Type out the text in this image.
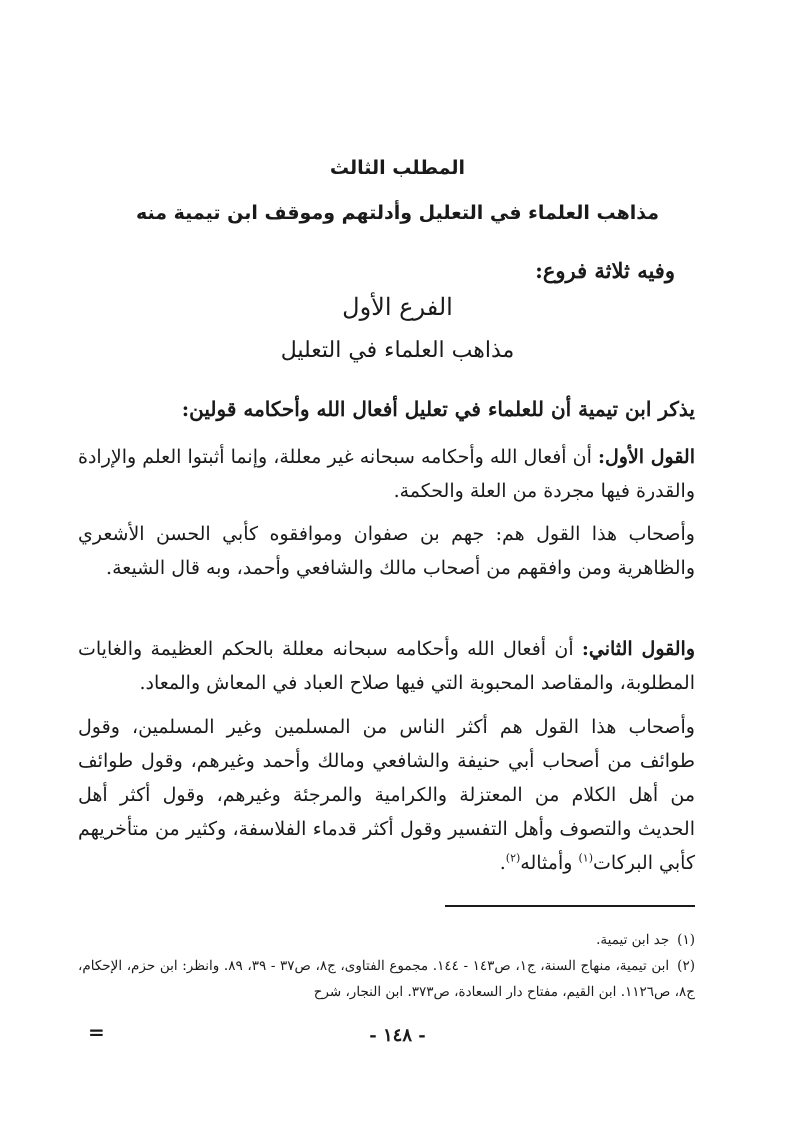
المطلب الثالث
مذاهب العلماء في التعليل وأدلتهم وموقف ابن تيمية منه
وفيه ثلاثة فروع:
الفرع الأول
مذاهب العلماء في التعليل
يذكر ابن تيمية أن للعلماء في تعليل أفعال الله وأحكامه قولين:
القول الأول: أن أفعال الله وأحكامه سبحانه غير معللة، وإنما أثبتوا العلم والإرادة والقدرة فيها مجردة من العلة والحكمة.
وأصحاب هذا القول هم: جهم بن صفوان وموافقوه كأبي الحسن الأشعري والظاهرية ومن وافقهم من أصحاب مالك والشافعي وأحمد، وبه قال الشيعة.
والقول الثاني: أن أفعال الله وأحكامه سبحانه معللة بالحكم العظيمة والغايات المطلوبة، والمقاصد المحبوبة التي فيها صلاح العباد في المعاش والمعاد.
وأصحاب هذا القول هم أكثر الناس من المسلمين وغير المسلمين، وقول طوائف من أصحاب أبي حنيفة والشافعي ومالك وأحمد وغيرهم، وقول طوائف من أهل الكلام من المعتزلة والكرامية والمرجئة وغيرهم، وقول أكثر أهل الحديث والتصوف وأهل التفسير وقول أكثر قدماء الفلاسفة، وكثير من متأخريهم كأبي البركات$^{(١)}$ وأمثاله$^{(٢)}$.
(١)جد ابن تيمية.
(٢)ابن تيمية، منهاج السنة، ج١، ص١٤٣ - ١٤٤. مجموع الفتاوى، ج٨، ص٣٧ - ٣٩، ٨٩. وانظر: ابن حزم، الإحكام، ج٨، ص١١٢٦. ابن القيم، مفتاح دار السعادة، ص٣٧٣. ابن النجار، شرح
- ١٤٨ -
=
